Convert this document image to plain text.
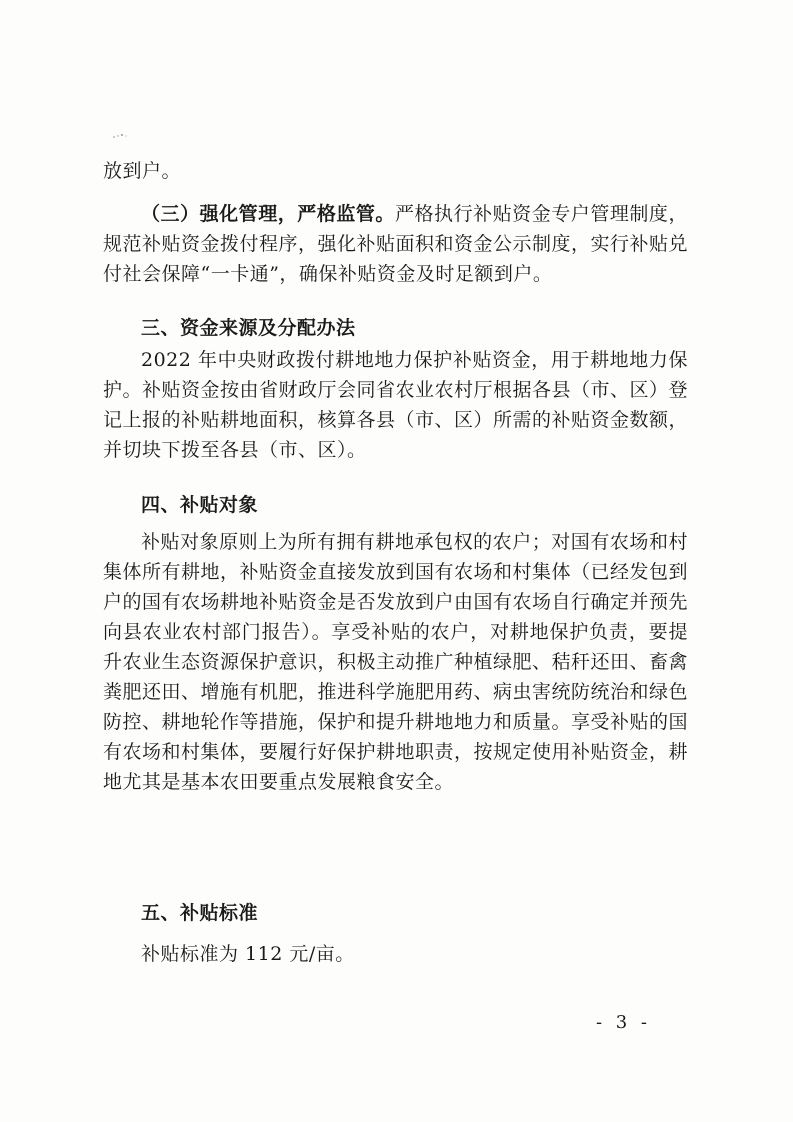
放到户。

（三）强化管理，严格监管。严格执行补贴资金专户管理制度，规范补贴资金拨付程序，强化补贴面积和资金公示制度，实行补贴兑付社会保障“一卡通”，确保补贴资金及时足额到户。

三、资金来源及分配办法

2022 年中央财政拨付耕地地力保护补贴资金，用于耕地地力保护。补贴资金按由省财政厅会同省农业农村厅根据各县（市、区）登记上报的补贴耕地面积，核算各县（市、区）所需的补贴资金数额，并切块下拨至各县（市、区）。

四、补贴对象

补贴对象原则上为所有拥有耕地承包权的农户；对国有农场和村集体所有耕地，补贴资金直接发放到国有农场和村集体（已经发包到户的国有农场耕地补贴资金是否发放到户由国有农场自行确定并预先向县农业农村部门报告）。享受补贴的农户，对耕地保护负责，要提升农业生态资源保护意识，积极主动推广种植绿肥、秸秆还田、畜禽粪肥还田、增施有机肥，推进科学施肥用药、病虫害统防统治和绿色防控、耕地轮作等措施，保护和提升耕地地力和质量。享受补贴的国有农场和村集体，要履行好保护耕地职责，按规定使用补贴资金，耕地尤其是基本农田要重点发展粮食安全。

五、补贴标准

补贴标准为 112 元/亩。

- 3 -
